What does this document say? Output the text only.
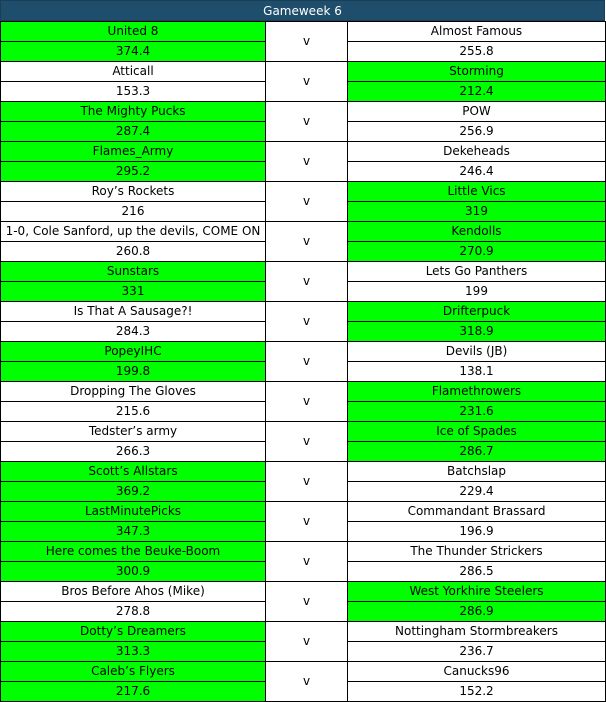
Gameweek 6
United 8	v	Almost Famous
374.4		255.8
Atticall	v	Storming
153.3		212.4
The Mighty Pucks	v	POW
287.4		256.9
Flames_Army	v	Dekeheads
295.2		246.4
Roy’s Rockets	v	Little Vics
216		319
1-0, Cole Sanford, up the devils, COME ON	v	Kendolls
260.8		270.9
Sunstars	v	Lets Go Panthers
331		199
Is That A Sausage?!	v	Drifterpuck
284.3		318.9
PopeyIHC	v	Devils (JB)
199.8		138.1
Dropping The Gloves	v	Flamethrowers
215.6		231.6
Tedster’s army	v	Ice of Spades
266.3		286.7
Scott’s Allstars	v	Batchslap
369.2		229.4
LastMinutePicks	v	Commandant Brassard
347.3		196.9
Here comes the Beuke-Boom	v	The Thunder Strickers
300.9		286.5
Bros Before Ahos (Mike)	v	West Yorkhire Steelers
278.8		286.9
Dotty’s Dreamers	v	Nottingham Stormbreakers
313.3		236.7
Caleb’s Flyers	v	Canucks96
217.6		152.2
